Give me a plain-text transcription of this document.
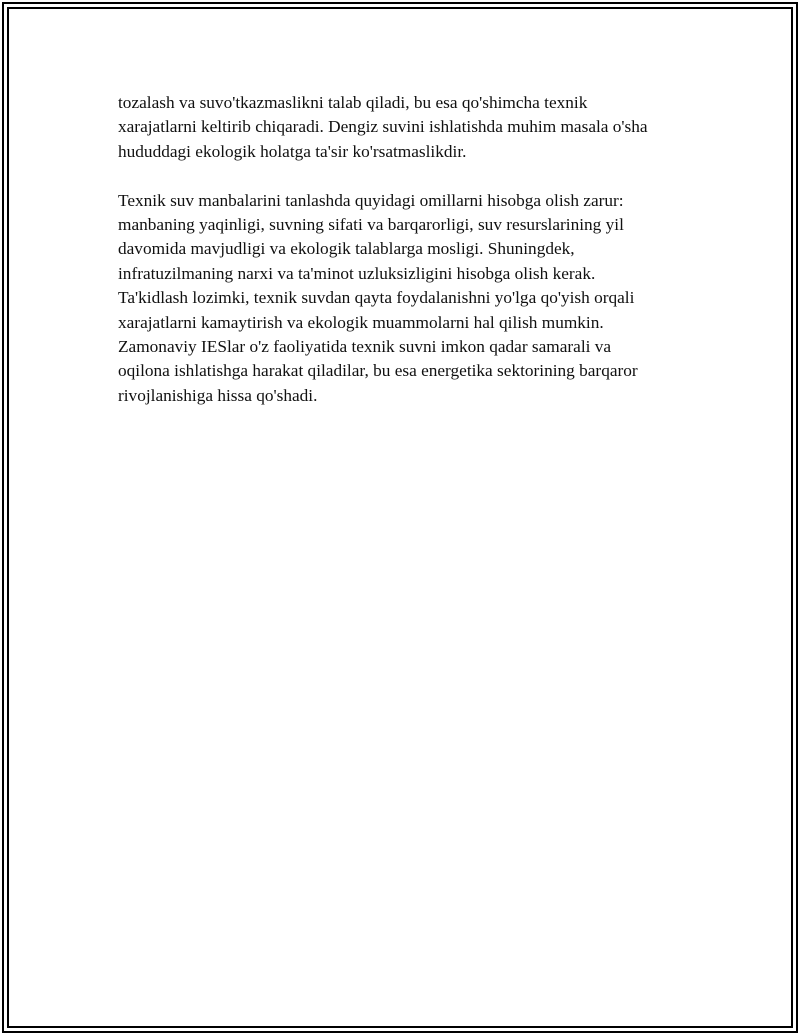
tozalash va suvo'tkazmaslikni talab qiladi, bu esa qo'shimcha texnik

xarajatlarni keltirib chiqaradi. Dengiz suvini ishlatishda muhim masala o'sha

hududdagi ekologik holatga ta'sir ko'rsatmaslikdir.

Texnik suv manbalarini tanlashda quyidagi omillarni hisobga olish zarur:

manbaning yaqinligi, suvning sifati va barqarorligi, suv resurslarining yil

davomida mavjudligi va ekologik talablarga mosligi. Shuningdek,

infratuzilmaning narxi va ta'minot uzluksizligini hisobga olish kerak.

Ta'kidlash lozimki, texnik suvdan qayta foydalanishni yo'lga qo'yish orqali

xarajatlarni kamaytirish va ekologik muammolarni hal qilish mumkin.

Zamonaviy IESlar o'z faoliyatida texnik suvni imkon qadar samarali va

oqilona ishlatishga harakat qiladilar, bu esa energetika sektorining barqaror

rivojlanishiga hissa qo'shadi.
